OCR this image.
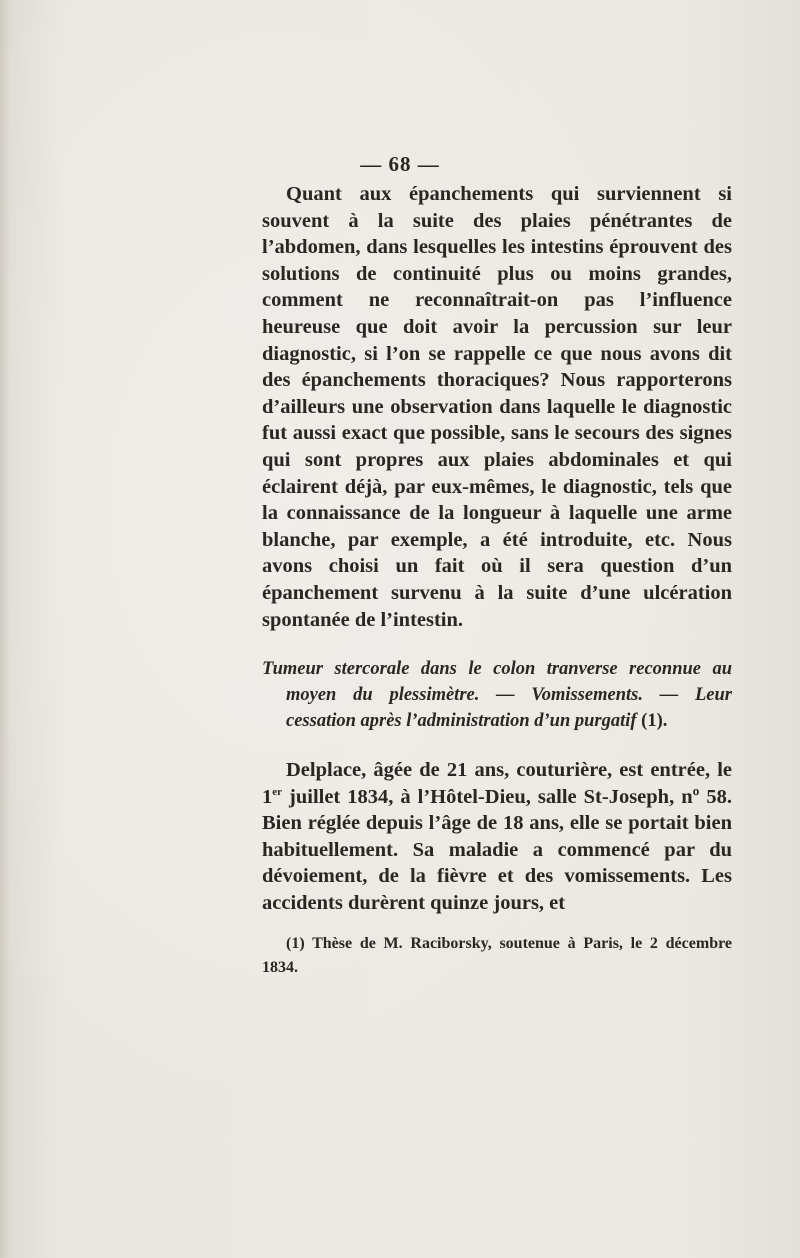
— 68 —

Quant aux épanchements qui surviennent si souvent à la suite des plaies pénétrantes de l’abdomen, dans lesquelles les intestins éprouvent des solutions de continuité plus ou moins grandes, comment ne reconnaîtrait-on pas l’influence heureuse que doit avoir la percussion sur leur diagnostic, si l’on se rappelle ce que nous avons dit des épanchements thoraciques? Nous rapporterons d’ailleurs une observation dans laquelle le diagnostic fut aussi exact que possible, sans le secours des signes qui sont propres aux plaies abdominales et qui éclairent déjà, par eux-mêmes, le diagnostic, tels que la connaissance de la longueur à laquelle une arme blanche, par exemple, a été introduite, etc. Nous avons choisi un fait où il sera question d’un épanchement survenu à la suite d’une ulcération spontanée de l’intestin.

Tumeur stercorale dans le colon tranverse reconnue au moyen du plessimètre. — Vomissements. — Leur cessation après l’administration d’un purgatif (1).

Delplace, âgée de 21 ans, couturière, est entrée, le 1er juillet 1834, à l’Hôtel-Dieu, salle St-Joseph, nº 58. Bien réglée depuis l’âge de 18 ans, elle se portait bien habituellement. Sa maladie a commencé par du dévoiement, de la fièvre et des vomissements. Les accidents durèrent quinze jours, et

(1) Thèse de M. Raciborsky, soutenue à Paris, le 2 décembre 1834.
